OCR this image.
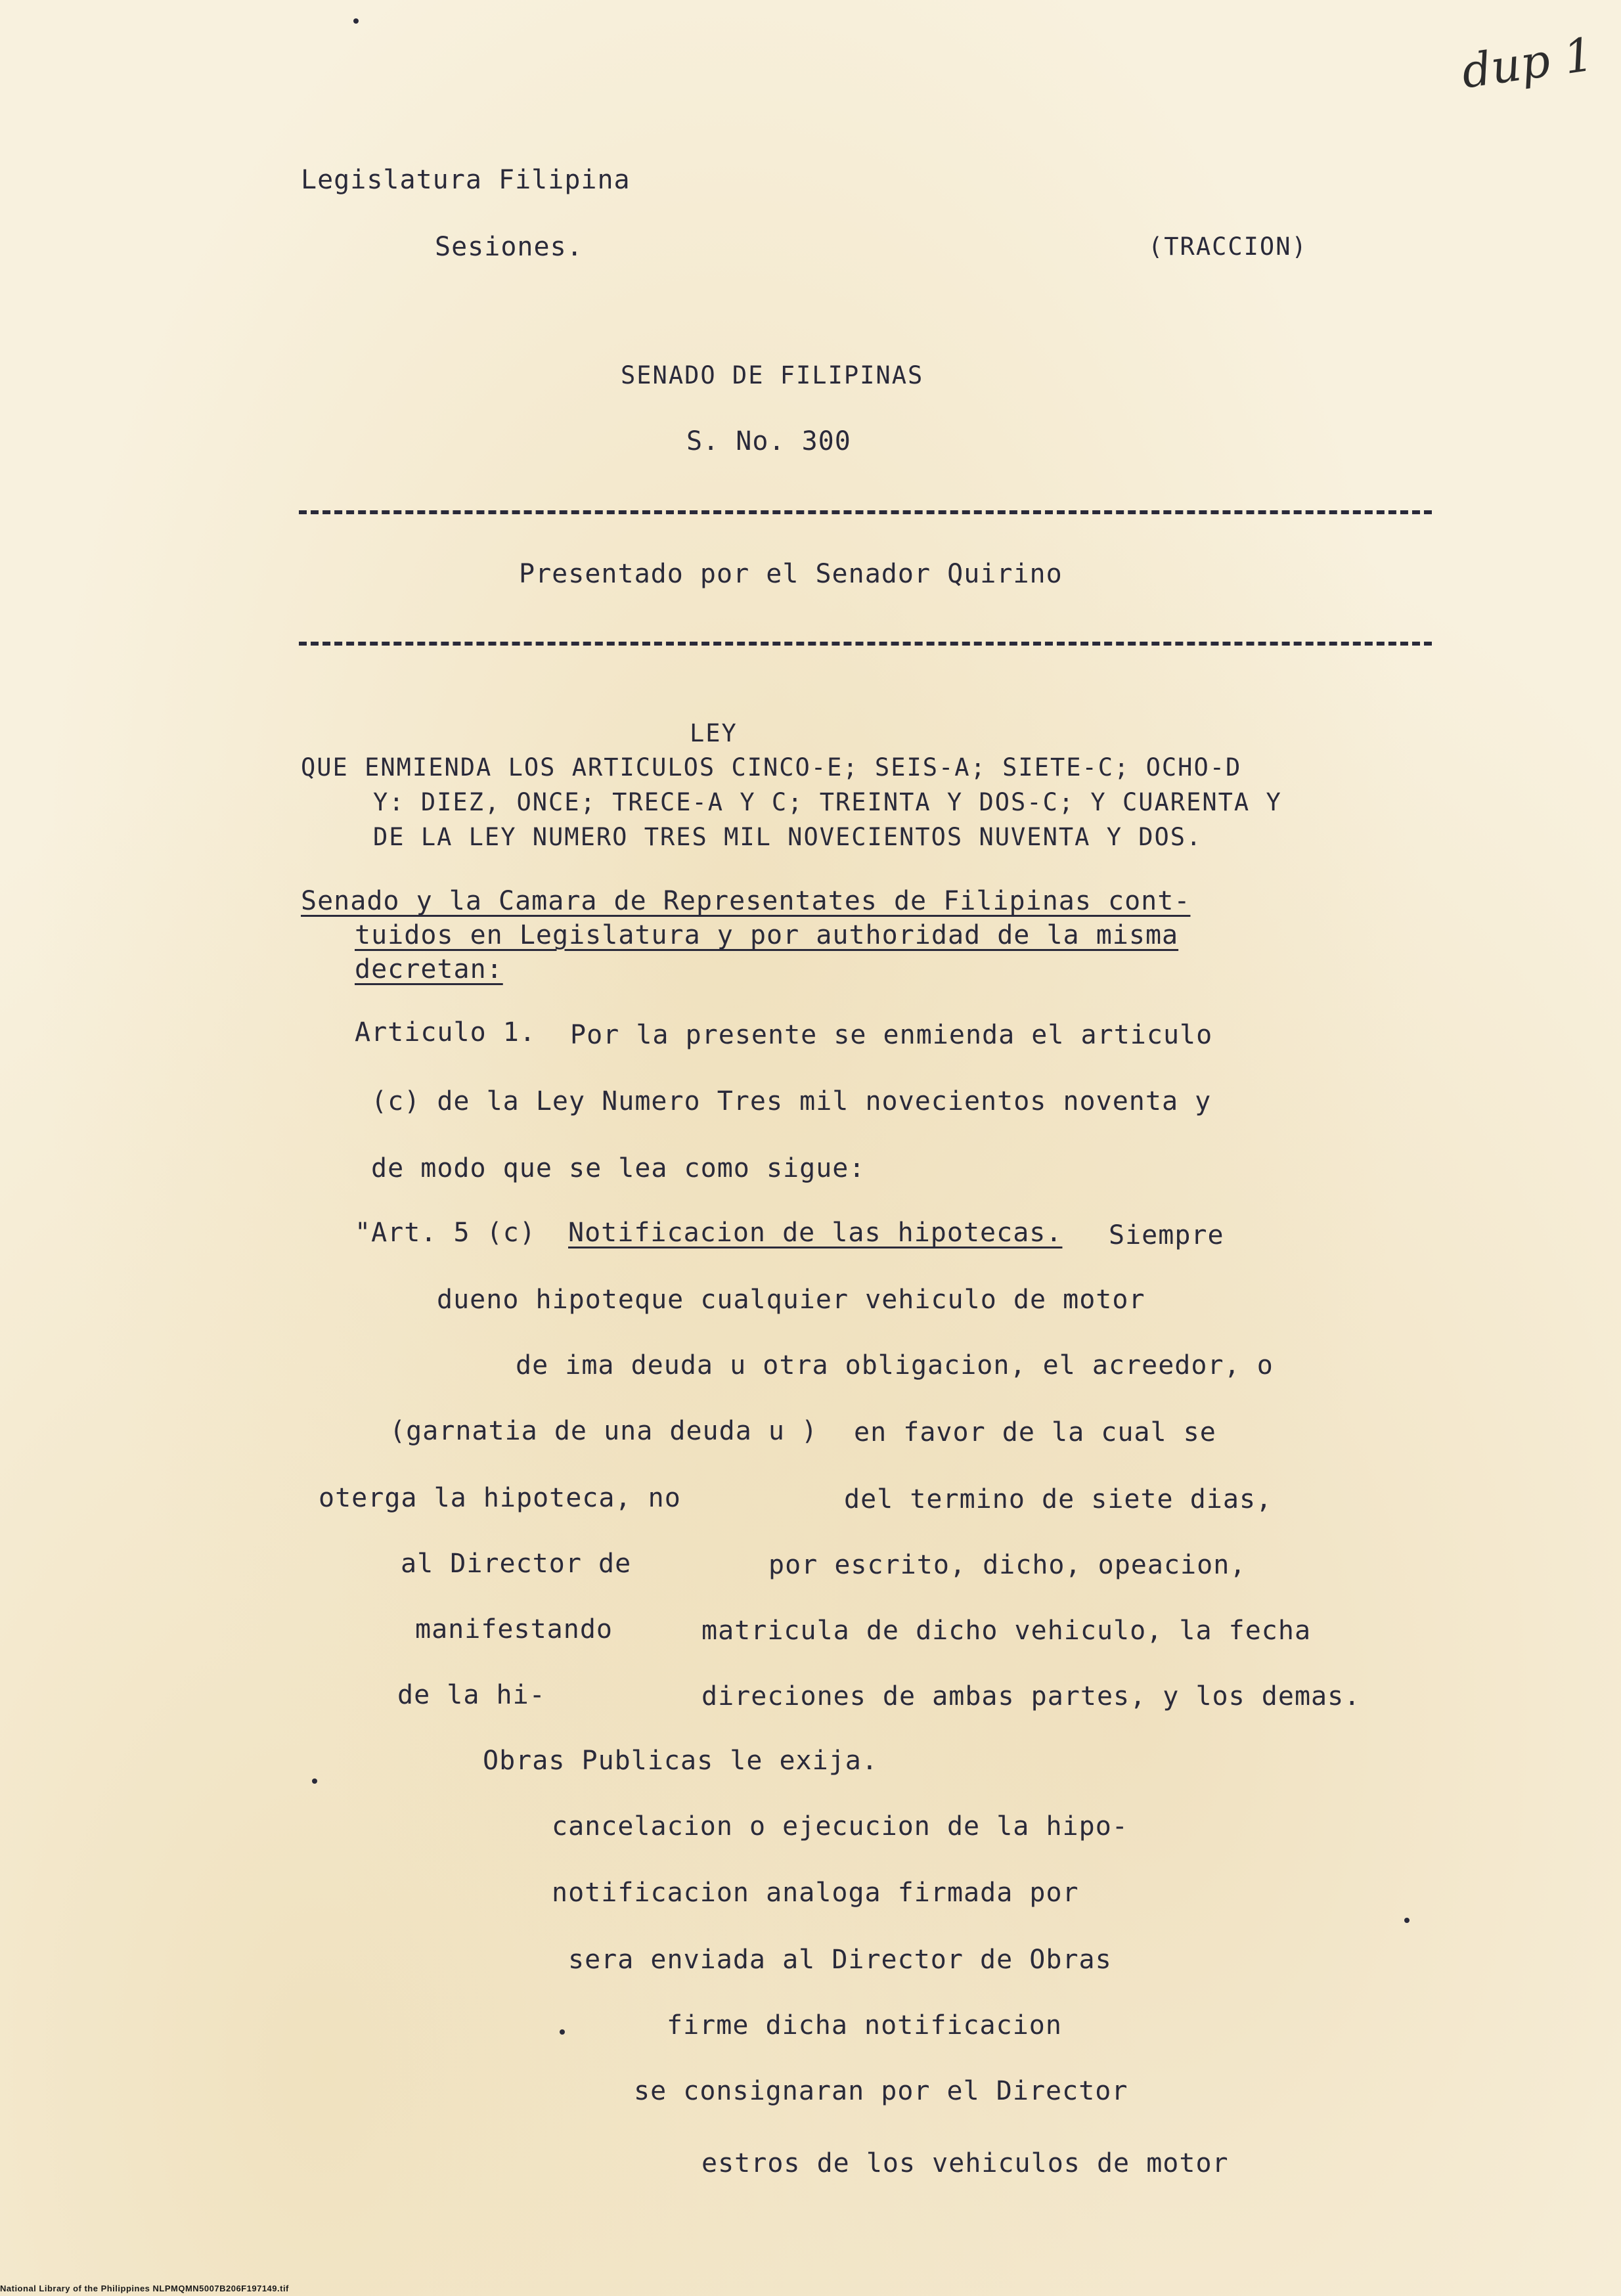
dup 1
Legislatura Filipina
Sesiones.	(TRACCION)
SENADO DE FILIPINAS
S. No. 300
Presentado por el Senador Quirino
LEY
QUE ENMIENDA LOS ARTICULOS CINCO-E; SEIS-A; SIETE-C; OCHO-D
Y: DIEZ, ONCE; TRECE-A Y C; TREINTA Y DOS-C; Y CUARENTA Y
DE LA LEY NUMERO TRES MIL NOVECIENTOS NUVENTA Y DOS.
Senado y la Camara de Representates de Filipinas cont-
tuidos en Legislatura y por authoridad de la misma
decretan:
Articulo 1. Por la presente se enmienda el articulo
(c) de la Ley Numero Tres mil novecientos noventa y
de modo que se lea como sigue:
"Art. 5 (c) Notificacion de las hipotecas. Siempre
dueno hipoteque cualquier vehiculo de motor
de ima deuda u otra obligacion, el acreedor, o
(garnatia de una deuda u ) en favor de la cual se
oterga la hipoteca, no	del termino de siete dias,
al Director de	por escrito, dicho, opeacion,
manifestando	matricula de dicho vehiculo, la fecha
de la hi-	direciones de ambas partes, y los demas.
Obras Publicas le exija.
cancelacion o ejecucion de la hipo-
notificacion analoga firmada por
sera enviada al Director de Obras
firme dicha notificacion
se consignaran por el Director
estros de los vehiculos de motor
National Library of the Philippines NLPMQMN5007B206F197149.tif
